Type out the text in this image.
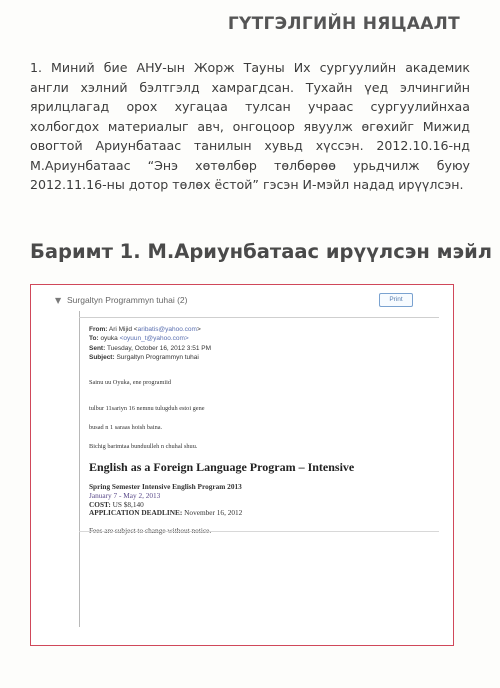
ГҮТГЭЛГИЙН НЯЦААЛТ
1. Миний бие АНУ-ын Жорж Тауны Их сургуулийн академик англи хэлний бэлтгэлд хамрагдсан. Тухайн үед элчингийн ярилцлагад орох хугацаа тулсан учраас сургуулийнхаа холбогдох материалыг авч, онгоцоор явуулж өгөхийг Мижид овогтой Ариунбатаас танилын хувьд хүссэн. 2012.10.16-нд М.Ариунбатаас “Энэ хөтөлбөр төлбөрөө урьдчилж буюу 2012.11.16-ны дотор төлөх ёстой” гэсэн И-мэйл надад ирүүлсэн.
Баримт 1. М.Ариунбатаас ирүүлсэн мэйл
▼ Surgaltyn Programmyn tuhai (2)	Print
From: Ari Mijid <aribatis@yahoo.com>
To: oyuka <oyuun_t@yahoo.com>
Sent: Tuesday, October 16, 2012 3:51 PM
Subject: Surgaltyn Programmyn tuhai
Sainu uu Oyuka, ene programiid
tulbur 11sariyn 16 nemnu tulugduh estoi gene
busad n 1 saraas hoish baina.
Bichig barimtaa bunduulleh n chuhal shuu.
English as a Foreign Language Program – Intensive
Spring Semester Intensive English Program 2013
January 7 - May 2, 2013
COST: US $8,140
APPLICATION DEADLINE: November 16, 2012
